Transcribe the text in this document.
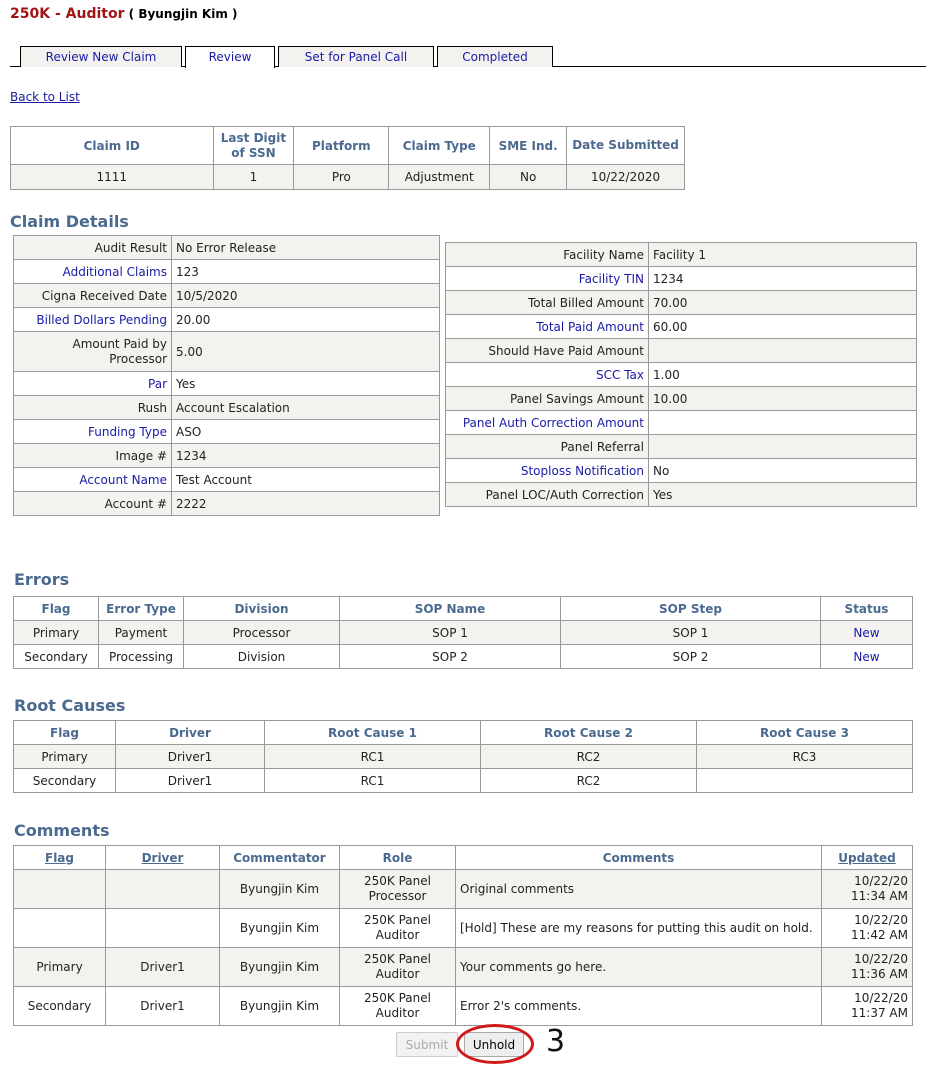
250K - Auditor ( Byungjin Kim )
Review New Claim	Review	Set for Panel Call	Completed
Back to List
Claim ID	Last Digit of SSN	Platform	Claim Type	SME Ind.	Date Submitted
1111	1	Pro	Adjustment	No	10/22/2020
Claim Details
Audit Result	No Error Release
Additional Claims	123
Cigna Received Date	10/5/2020
Billed Dollars Pending	20.00
Amount Paid by Processor	5.00
Par	Yes
Rush	Account Escalation
Funding Type	ASO
Image #	1234
Account Name	Test Account
Account #	2222
Facility Name	Facility 1
Facility TIN	1234
Total Billed Amount	70.00
Total Paid Amount	60.00
Should Have Paid Amount	
SCC Tax	1.00
Panel Savings Amount	10.00
Panel Auth Correction Amount	
Panel Referral	
Stoploss Notification	No
Panel LOC/Auth Correction	Yes
Errors
Flag	Error Type	Division	SOP Name	SOP Step	Status
Primary	Payment	Processor	SOP 1	SOP 1	New
Secondary	Processing	Division	SOP 2	SOP 2	New
Root Causes
Flag	Driver	Root Cause 1	Root Cause 2	Root Cause 3
Primary	Driver1	RC1	RC2	RC3
Secondary	Driver1	RC1	RC2	
Comments
Flag	Driver	Commentator	Role	Comments	Updated
		Byungjin Kim	250K Panel Processor	Original comments	10/22/20 11:34 AM
		Byungjin Kim	250K Panel Auditor	[Hold] These are my reasons for putting this audit on hold.	10/22/20 11:42 AM
Primary	Driver1	Byungjin Kim	250K Panel Auditor	Your comments go here.	10/22/20 11:36 AM
Secondary	Driver1	Byungjin Kim	250K Panel Auditor	Error 2's comments.	10/22/20 11:37 AM
Submit	Unhold 3
